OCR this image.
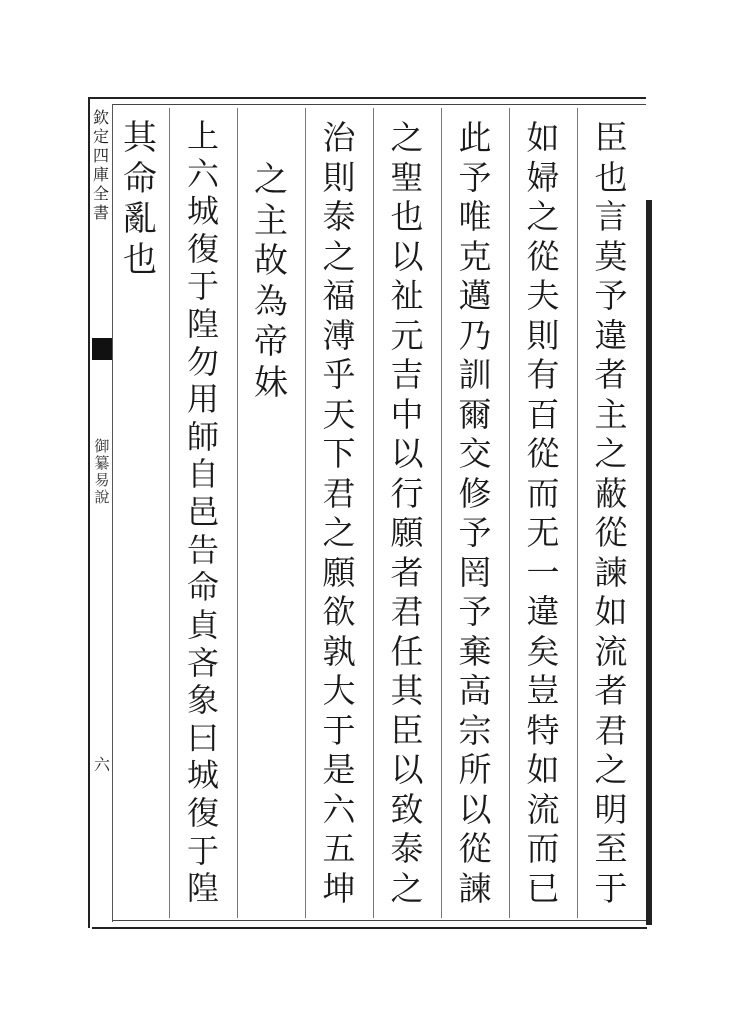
欽
定
四
庫
全
書
御
纂
易
說
六
臣
也
言
莫
予
違
者
主
之
蔽
從
諫
如
流
者
君
之
明
至
于
如
婦
之
從
夫
則
有
百
從
而
无
一
違
矣
豈
特
如
流
而
已
此
予
唯
克
邁
乃
訓
爾
交
修
予
罔
予
棄
高
宗
所
以
從
諫
之
聖
也
以
祉
元
吉
中
以
行
願
者
君
任
其
臣
以
致
泰
之
治
則
泰
之
福
溥
乎
天
下
君
之
願
欲
孰
大
于
是
六
五
坤
之
主
故
為
帝
妹
上
六
城
復
于
隍
勿
用
師
自
邑
告
命
貞
吝
象
曰
城
復
于
隍
其
命
亂
也
